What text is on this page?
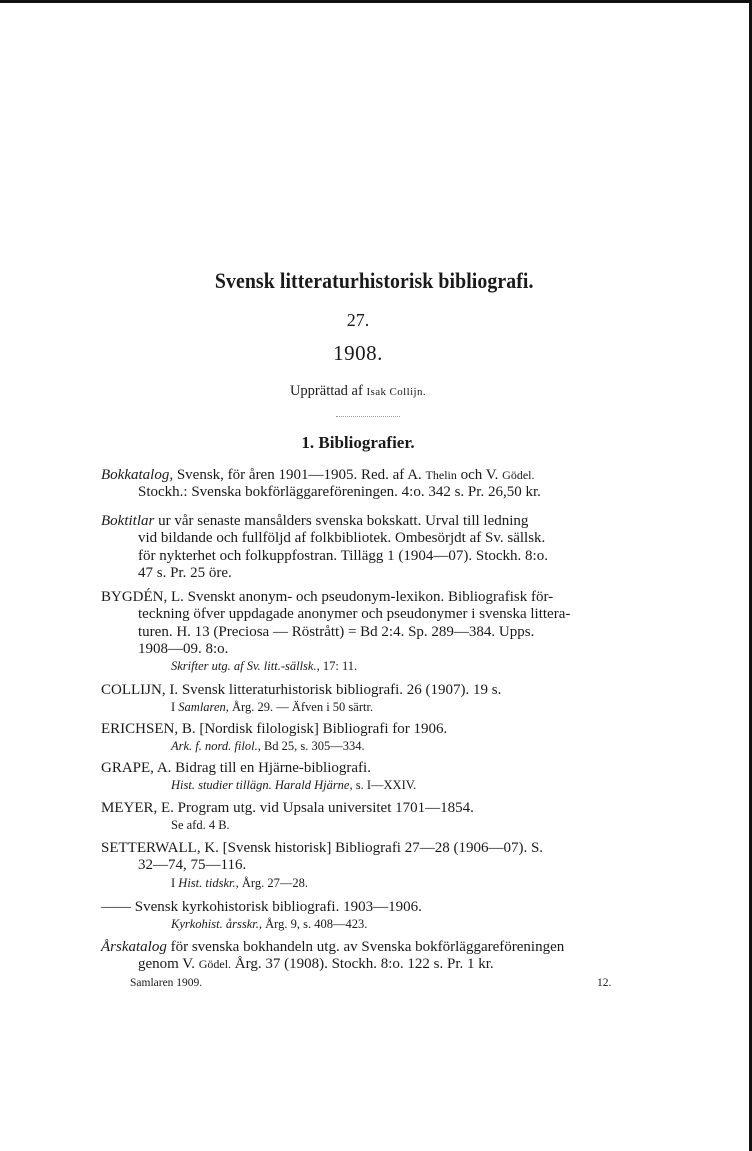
Svensk litteraturhistorisk bibliografi.
27.
1908.
Upprättad af Isak Collijn.
1. Bibliografier.
Bokkatalog, Svensk, för åren 1901—1905. Red. af A. Thelin och V. Gödel.
Stockh.: Svenska bokförläggareföreningen. 4:o. 342 s. Pr. 26,50 kr.
Boktitlar ur vår senaste mansålders svenska bokskatt. Urval till ledning
vid bildande och fullföljd af folkbibliotek. Ombesörjdt af Sv. sällsk.
för nykterhet och folkuppfostran. Tillägg 1 (1904—07). Stockh. 8:o.
47 s. Pr. 25 öre.
BYGDÉN, L. Svenskt anonym- och pseudonym-lexikon. Bibliografisk för-
teckning öfver uppdagade anonymer och pseudonymer i svenska littera-
turen. H. 13 (Preciosa — Röstrått) = Bd 2:4. Sp. 289—384. Upps.
1908—09. 8:o.
Skrifter utg. af Sv. litt.-sällsk., 17: 11.
COLLIJN, I. Svensk litteraturhistorisk bibliografi. 26 (1907). 19 s.
I Samlaren, Årg. 29. — Äfven i 50 särtr.
ERICHSEN, B. [Nordisk filologisk] Bibliografi for 1906.
Ark. f. nord. filol., Bd 25, s. 305—334.
GRAPE, A. Bidrag till en Hjärne-bibliografi.
Hist. studier tillägn. Harald Hjärne, s. I—XXIV.
MEYER, E. Program utg. vid Upsala universitet 1701—1854.
Se afd. 4 B.
SETTERWALL, K. [Svensk historisk] Bibliografi 27—28 (1906—07). S.
32—74, 75—116.
I Hist. tidskr., Årg. 27—28.
—— Svensk kyrkohistorisk bibliografi. 1903—1906.
Kyrkohist. årsskr., Årg. 9, s. 408—423.
Årskatalog för svenska bokhandeln utg. av Svenska bokförläggareföreningen
genom V. Gödel. Årg. 37 (1908). Stockh. 8:o. 122 s. Pr. 1 kr.
Samlaren 1909.	12.
